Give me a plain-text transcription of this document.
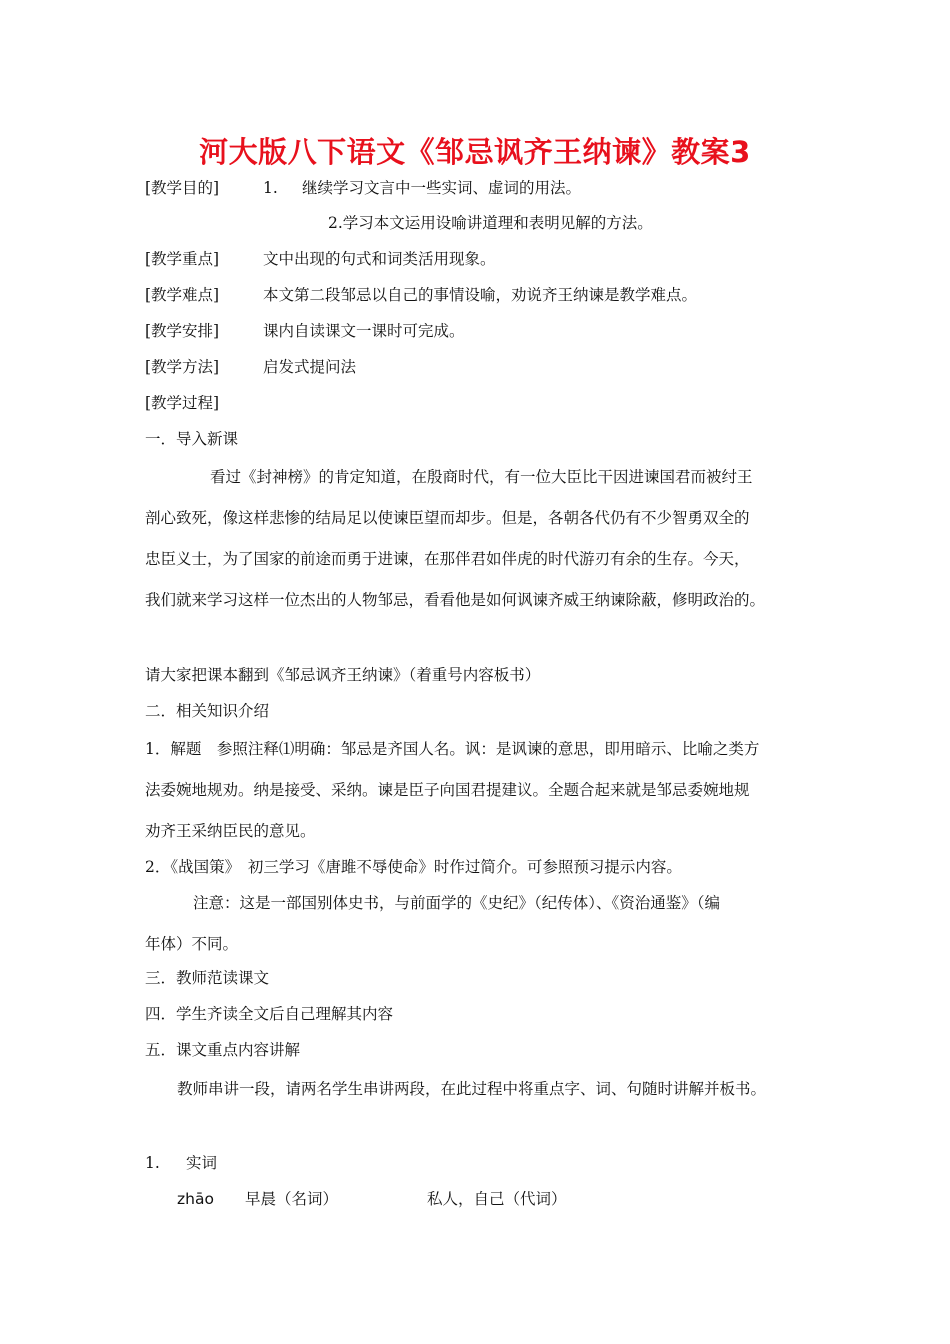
河大版八下语文《邹忌讽齐王纳谏》教案3
[教学目的]	1. 继续学习文言中一些实词、虚词的用法。
2.学习本文运用设喻讲道理和表明见解的方法。
[教学重点]	文中出现的句式和词类活用现象。
[教学难点]	本文第二段邹忌以自己的事情设喻，劝说齐王纳谏是教学难点。
[教学安排]	课内自读课文一课时可完成。
[教学方法]	启发式提问法
[教学过程]
一．导入新课
看过《封神榜》的肯定知道，在殷商时代，有一位大臣比干因进谏国君而被纣王
剖心致死，像这样悲惨的结局足以使谏臣望而却步。但是，各朝各代仍有不少智勇双全的
忠臣义士，为了国家的前途而勇于进谏，在那伴君如伴虎的时代游刃有余的生存。今天，
我们就来学习这样一位杰出的人物邹忌，看看他是如何讽谏齐威王纳谏除蔽，修明政治的。
请大家把课本翻到《邹忌讽齐王纳谏》（着重号内容板书）
二．相关知识介绍
1．解题　参照注释⑴明确：邹忌是齐国人名。讽：是讽谏的意思，即用暗示、比喻之类方
法委婉地规劝。纳是接受、采纳。谏是臣子向国君提建议。全题合起来就是邹忌委婉地规
劝齐王采纳臣民的意见。
2．《战国策》　初三学习《唐雎不辱使命》时作过简介。可参照预习提示内容。
注意：这是一部国别体史书，与前面学的《史纪》（纪传体）、《资治通鉴》（编
年体）不同。
三．教师范读课文
四．学生齐读全文后自己理解其内容
五．课文重点内容讲解
教师串讲一段，请两名学生串讲两段，在此过程中将重点字、词、句随时讲解并板书。
1. 实词
zhāo 早晨（名词）	私人，自己（代词）
